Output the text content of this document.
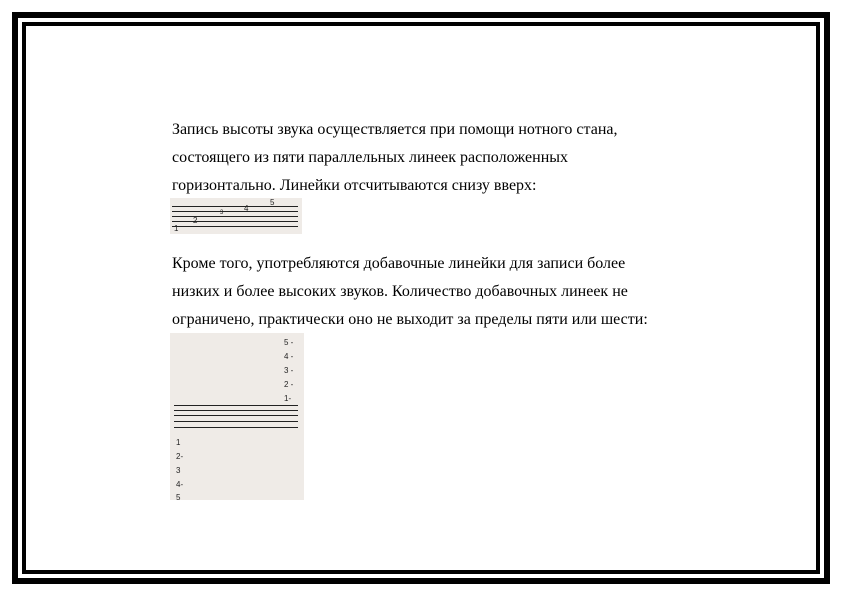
Запись высоты звука осуществляется при помощи нотного стана,
состоящего из пяти параллельных линеек расположенных
горизонтально. Линейки отсчитываются снизу вверх:

5
4
3
2
1

Кроме того, употребляются добавочные линейки для записи более
низких и более высоких звуков. Количество добавочных линеек не
ограничено, практически оно не выходит за пределы пяти или шести:

5 -
4 -
3 -
2 -
1-
1
2-
3
4-
5
